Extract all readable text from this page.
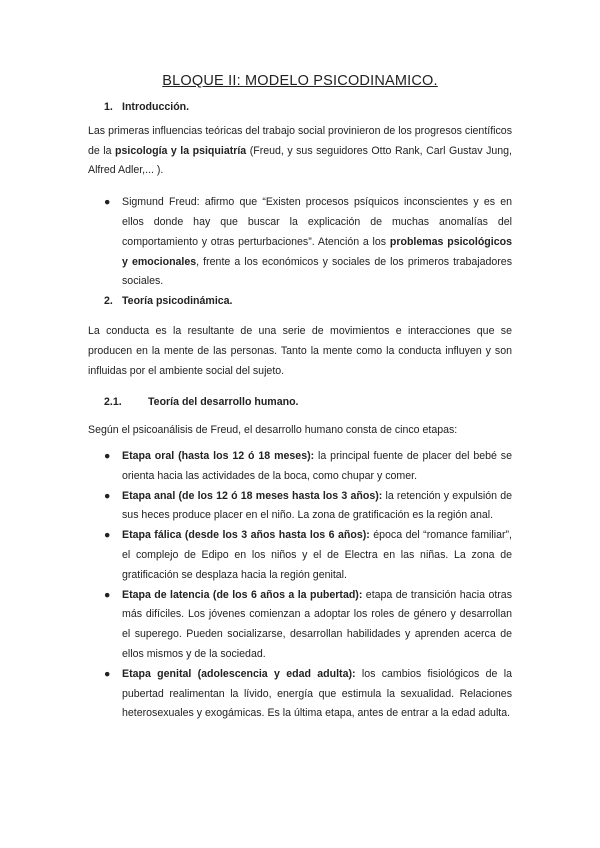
BLOQUE II: MODELO PSICODINAMICO.
1. Introducción.

Las primeras influencias teóricas del trabajo social provinieron de los progresos científicos de la psicología y la psiquiatría (Freud, y sus seguidores Otto Rank, Carl Gustav Jung, Alfred Adler,... ).

● Sigmund Freud: afirmo que “Existen procesos psíquicos inconscientes y es en ellos donde hay que buscar la explicación de muchas anomalías del comportamiento y otras perturbaciones”. Atención a los problemas psicológicos y emocionales, frente a los económicos y sociales de los primeros trabajadores sociales.
2. Teoría psicodinámica.

La conducta es la resultante de una serie de movimientos e interacciones que se producen en la mente de las personas. Tanto la mente como la conducta influyen y son influidas por el ambiente social del sujeto.

2.1. Teoría del desarrollo humano.

Según el psicoanálisis de Freud, el desarrollo humano consta de cinco etapas:

● Etapa oral (hasta los 12 ó 18 meses): la principal fuente de placer del bebé se orienta hacia las actividades de la boca, como chupar y comer.
● Etapa anal (de los 12 ó 18 meses hasta los 3 años): la retención y expulsión de sus heces produce placer en el niño. La zona de gratificación es la región anal.
● Etapa fálica (desde los 3 años hasta los 6 años): época del “romance familiar”, el complejo de Edipo en los niños y el de Electra en las niñas. La zona de gratificación se desplaza hacia la región genital.
● Etapa de latencia (de los 6 años a la pubertad): etapa de transición hacia otras más difíciles. Los jóvenes comienzan a adoptar los roles de género y desarrollan el superego. Pueden socializarse, desarrollan habilidades y aprenden acerca de ellos mismos y de la sociedad.
● Etapa genital (adolescencia y edad adulta): los cambios fisiológicos de la pubertad realimentan la lívido, energía que estimula la sexualidad. Relaciones heterosexuales y exogámicas. Es la última etapa, antes de entrar a la edad adulta.
